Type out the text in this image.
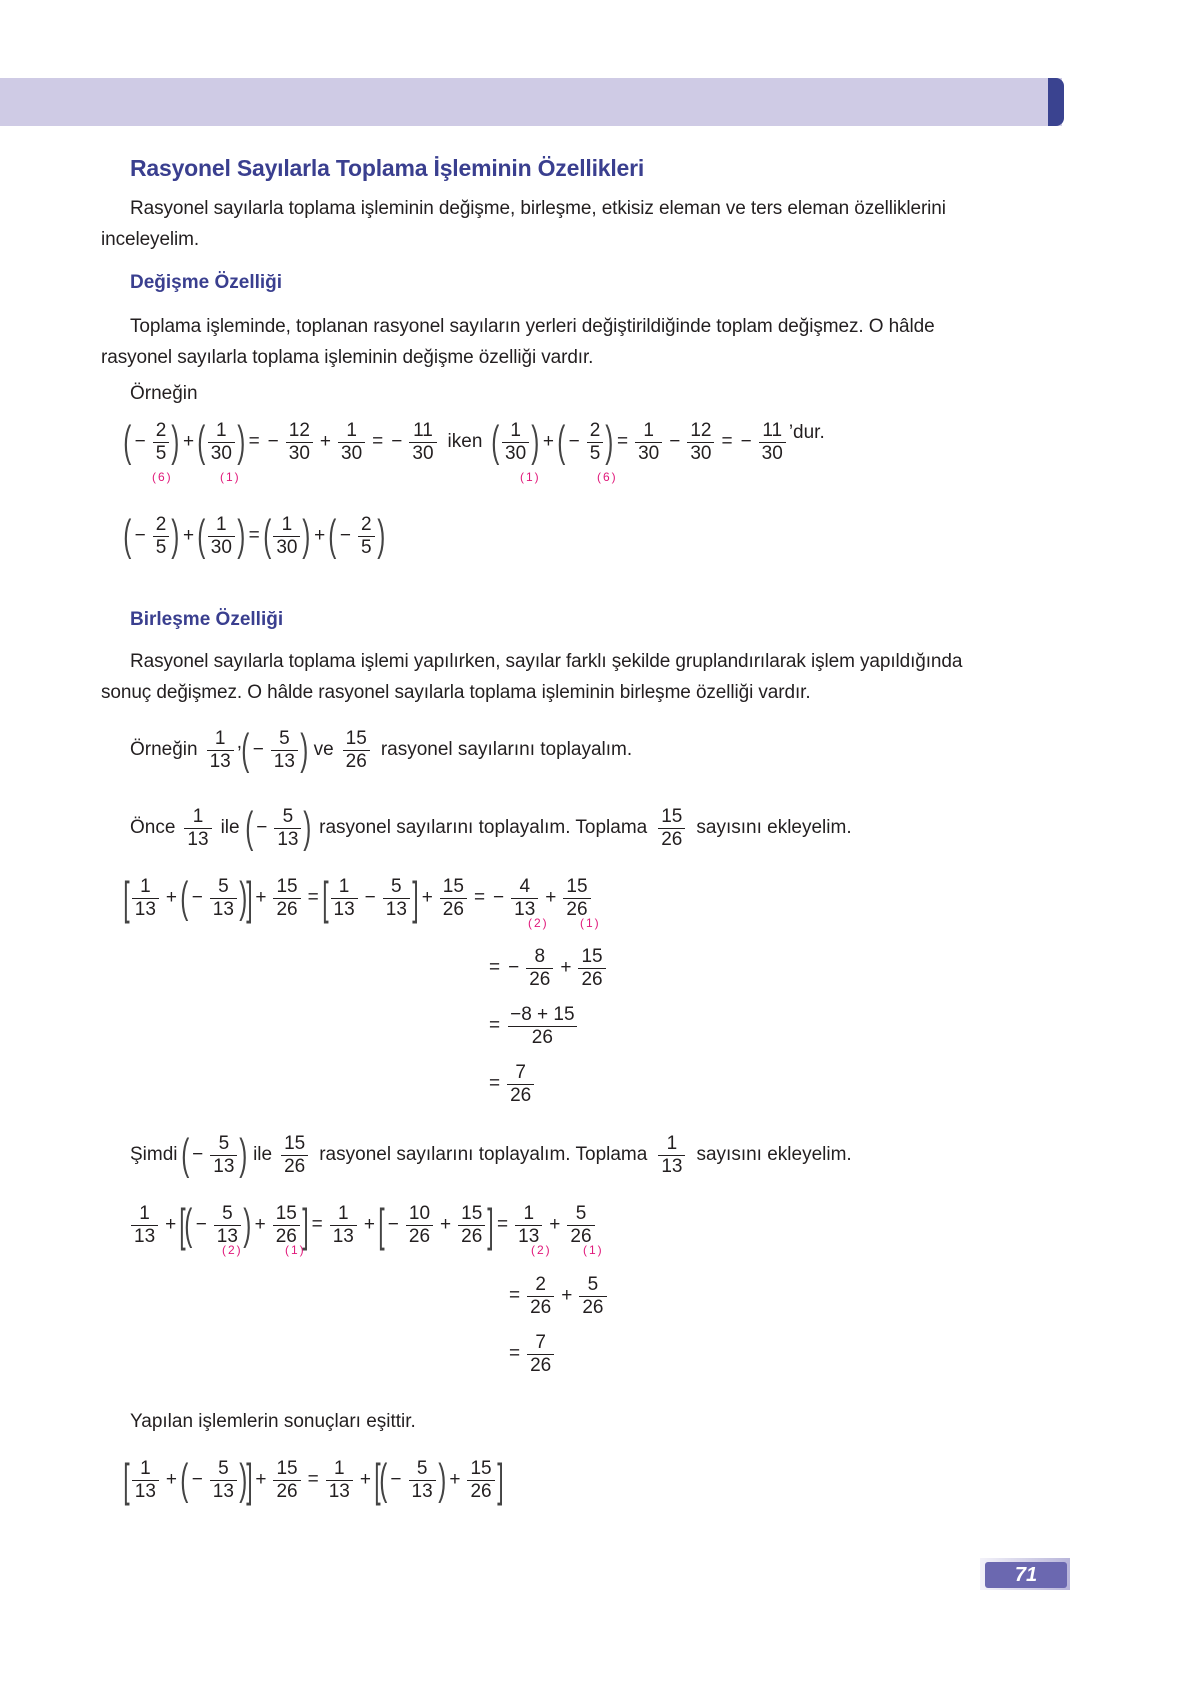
Rasyonel Sayılarla Toplama İşleminin Özellikleri
Rasyonel sayılarla toplama işleminin değişme, birleşme, etkisiz eleman ve ters eleman özelliklerini
inceleyelim.
Değişme Özelliği
Toplama işleminde, toplanan rasyonel sayıların yerleri değiştirildiğinde toplam değişmez. O hâlde
rasyonel sayılarla toplama işleminin değişme özelliği vardır.
Örneğin
( − $\frac{2}{5}$ ) + ( $\frac{1}{30}$ ) = − $\frac{12}{30} + \frac{1}{30}$ = − $\frac{11}{30}$ iken ( $\frac{1}{30}$ ) + ( − $\frac{2}{5}$ ) = $\frac{1}{30} - \frac{12}{30}$ = − $\frac{11}{30}$ ’dur.
(6)	(1)	(1)	(6)
( − $\frac{2}{5}$ ) + ( $\frac{1}{30}$ ) = ( $\frac{1}{30}$ ) + ( − $\frac{2}{5}$ )
Birleşme Özelliği
Rasyonel sayılarla toplama işlemi yapılırken, sayılar farklı şekilde gruplandırılarak işlem yapıldığında
sonuç değişmez. O hâlde rasyonel sayılarla toplama işleminin birleşme özelliği vardır.
Örneğin $\frac{1}{13}$ , ( − $\frac{5}{13}$ ) ve $\frac{15}{26}$ rasyonel sayılarını toplayalım.
Önce $\frac{1}{13}$ ile ( − $\frac{5}{13}$ ) rasyonel sayılarını toplayalım. Toplama $\frac{15}{26}$ sayısını ekleyelim.
[ $\frac{1}{13}$ + ( − $\frac{5}{13}$ )
] + $\frac{15}{26}$ = [ $\frac{1}{13} - \frac{5}{13}$ ] + $\frac{15}{26}$ = − $\frac{4}{13} + \frac{15}{26}$
(2)	(1)
= − $\frac{8}{26} + \frac{15}{26}$
= $\frac{-8 + 15}{26}$
= $\frac{7}{26}$
Şimdi ( − $\frac{5}{13}$ ) ile $\frac{15}{26}$ rasyonel sayılarını toplayalım. Toplama $\frac{1}{13}$ sayısını ekleyelim.
$\frac{1}{13}$ + [
( − $\frac{5}{13}$ ) + $\frac{15}{26}$ ] = $\frac{1}{13}$ + [ − $\frac{10}{26} + \frac{15}{26}$ ] = $\frac{1}{13} + \frac{5}{26}$
(2)	(1)	(2)	(1)
= $\frac{2}{26} + \frac{5}{26}$
= $\frac{7}{26}$
Yapılan işlemlerin sonuçları eşittir.
[ $\frac{1}{13}$ + ( − $\frac{5}{13}$ )
] + $\frac{15}{26} = \frac{1}{13}$ + [
( − $\frac{5}{13}$ ) + $\frac{15}{26}$ ]
71
